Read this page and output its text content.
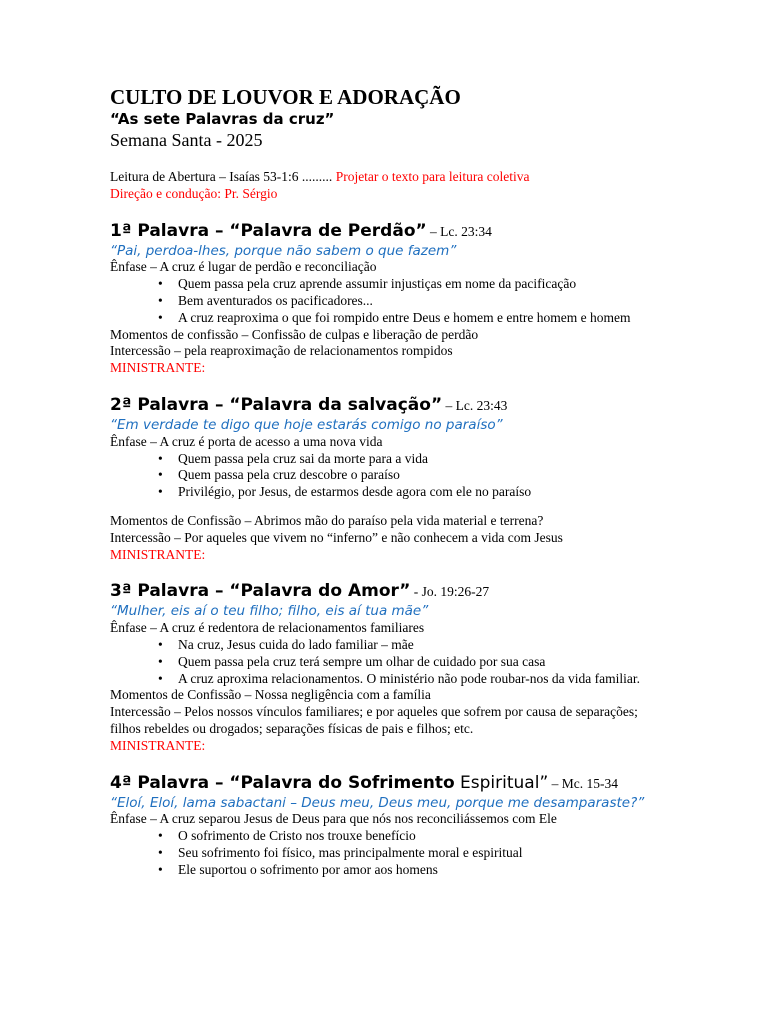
CULTO DE LOUVOR E ADORAÇÃO

“As sete Palavras da cruz”

Semana Santa - 2025

Leitura de Abertura – Isaías 53-1:6 ......... Projetar o texto para leitura coletiva

Direção e condução: Pr. Sérgio

1ª Palavra – “Palavra de Perdão” – Lc. 23:34

“Pai, perdoa-lhes, porque não sabem o que fazem”

Ênfase – A cruz é lugar de perdão e reconciliação

• Quem passa pela cruz aprende assumir injustiças em nome da pacificação
• Bem aventurados os pacificadores...
• A cruz reaproxima o que foi rompido entre Deus e homem e entre homem e homem

Momentos de confissão – Confissão de culpas e liberação de perdão

Intercessão – pela reaproximação de relacionamentos rompidos

MINISTRANTE:

2ª Palavra – “Palavra da salvação” – Lc. 23:43

“Em verdade te digo que hoje estarás comigo no paraíso”

Ênfase – A cruz é porta de acesso a uma nova vida

• Quem passa pela cruz sai da morte para a vida
• Quem passa pela cruz descobre o paraíso
• Privilégio, por Jesus, de estarmos desde agora com ele no paraíso

Momentos de Confissão – Abrimos mão do paraíso pela vida material e terrena?

Intercessão – Por aqueles que vivem no “inferno” e não conhecem a vida com Jesus

MINISTRANTE:

3ª Palavra – “Palavra do Amor” - Jo. 19:26-27

“Mulher, eis aí o teu filho; filho, eis aí tua mãe”

Ênfase – A cruz é redentora de relacionamentos familiares

• Na cruz, Jesus cuida do lado familiar – mãe
• Quem passa pela cruz terá sempre um olhar de cuidado por sua casa
• A cruz aproxima relacionamentos. O ministério não pode roubar-nos da vida familiar.

Momentos de Confissão – Nossa negligência com a família

Intercessão – Pelos nossos vínculos familiares; e por aqueles que sofrem por causa de separações; filhos rebeldes ou drogados; separações físicas de pais e filhos; etc.

MINISTRANTE:

4ª Palavra – “Palavra do Sofrimento Espiritual” – Mc. 15-34

“Eloí, Eloí, lama sabactani – Deus meu, Deus meu, porque me desamparaste?”

Ênfase – A cruz separou Jesus de Deus para que nós nos reconciliássemos com Ele

• O sofrimento de Cristo nos trouxe benefício
• Seu sofrimento foi físico, mas principalmente moral e espiritual
• Ele suportou o sofrimento por amor aos homens
